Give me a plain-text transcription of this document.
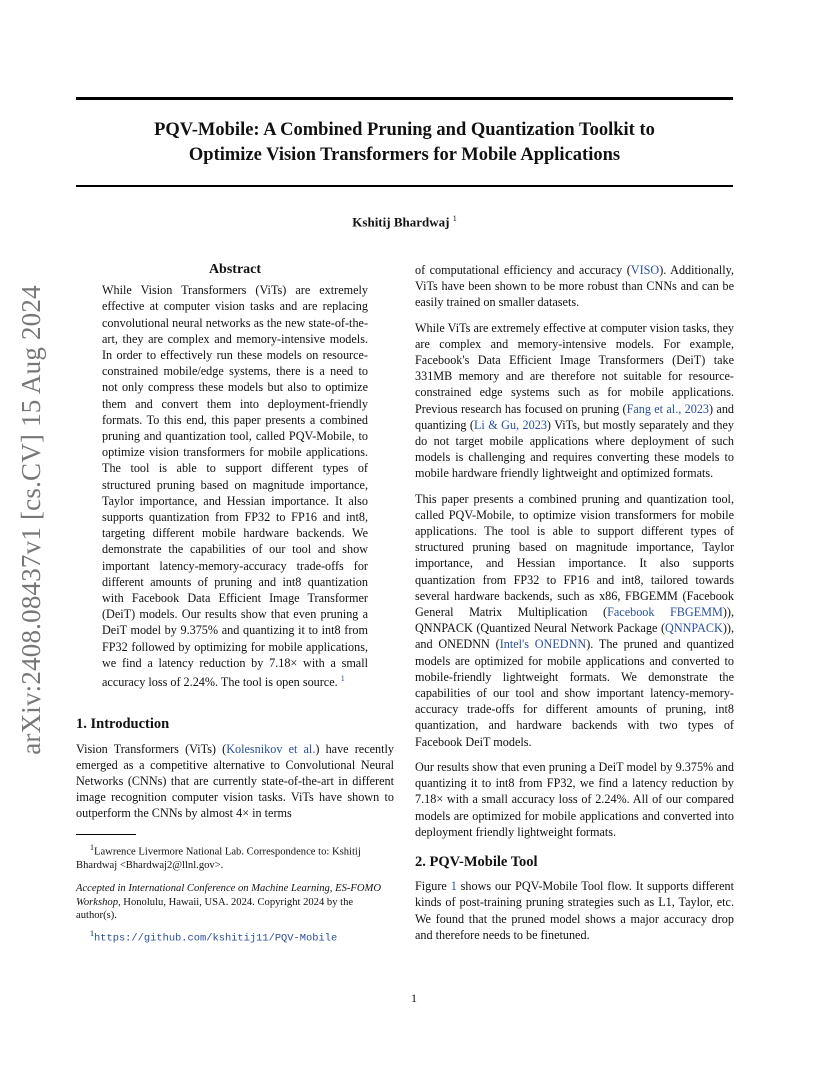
PQV-Mobile: A Combined Pruning and Quantization Toolkit to
Optimize Vision Transformers for Mobile Applications
Kshitij Bhardwaj $^1$
arXiv:2408.08437v1 [cs.CV] 15 Aug 2024
Abstract
While Vision Transformers (ViTs) are extremely effective at computer vision tasks and are replacing convolutional neural networks as the new state-of-the-art, they are complex and memory-intensive models. In order to effectively run these models on resource-constrained mobile/edge systems, there is a need to not only compress these models but also to optimize them and convert them into deployment-friendly formats. To this end, this paper presents a combined pruning and quantization tool, called PQV-Mobile, to optimize vision transformers for mobile applications. The tool is able to support different types of structured pruning based on magnitude importance, Taylor importance, and Hessian importance. It also supports quantization from FP32 to FP16 and int8, targeting different mobile hardware backends. We demonstrate the capabilities of our tool and show important latency-memory-accuracy trade-offs for different amounts of pruning and int8 quantization with Facebook Data Efficient Image Transformer (DeiT) models. Our results show that even pruning a DeiT model by 9.375% and quantizing it to int8 from FP32 followed by optimizing for mobile applications, we find a latency reduction by 7.18× with a small accuracy loss of 2.24%. The tool is open source. $^1$
1. Introduction

Vision Transformers (ViTs) (Kolesnikov et al.) have recently emerged as a competitive alternative to Convolutional Neural Networks (CNNs) that are currently state-of-the-art in different image recognition computer vision tasks. ViTs have shown to outperform the CNNs by almost 4× in terms

$^1$Lawrence Livermore National Lab. Correspondence to: Kshitij Bhardwaj <Bhardwaj2@llnl.gov>.
Accepted in International Conference on Machine Learning, ES-FOMO Workshop, Honolulu, Hawaii, USA. 2024. Copyright 2024 by the author(s).
$^1$https://github.com/kshitij11/PQV-Mobile

of computational efficiency and accuracy (VISO). Additionally, ViTs have been shown to be more robust than CNNs and can be easily trained on smaller datasets.

While ViTs are extremely effective at computer vision tasks, they are complex and memory-intensive models. For example, Facebook's Data Efficient Image Transformers (DeiT) take 331MB memory and are therefore not suitable for resource-constrained edge systems such as for mobile applications. Previous research has focused on pruning (Fang et al., 2023) and quantizing (Li & Gu, 2023) ViTs, but mostly separately and they do not target mobile applications where deployment of such models is challenging and requires converting these models to mobile hardware friendly lightweight and optimized formats.

This paper presents a combined pruning and quantization tool, called PQV-Mobile, to optimize vision transformers for mobile applications. The tool is able to support different types of structured pruning based on magnitude importance, Taylor importance, and Hessian importance. It also supports quantization from FP32 to FP16 and int8, tailored towards several hardware backends, such as x86, FBGEMM (Facebook General Matrix Multiplication (Facebook FBGEMM)), QNNPACK (Quantized Neural Network Package (QNNPACK)), and ONEDNN (Intel's ONEDNN). The pruned and quantized models are optimized for mobile applications and converted to mobile-friendly lightweight formats. We demonstrate the capabilities of our tool and show important latency-memory-accuracy trade-offs for different amounts of pruning, int8 quantization, and hardware backends with two types of Facebook DeiT models.

Our results show that even pruning a DeiT model by 9.375% and quantizing it to int8 from FP32, we find a latency reduction by 7.18× with a small accuracy loss of 2.24%. All of our compared models are optimized for mobile applications and converted into deployment friendly lightweight formats.

2. PQV-Mobile Tool

Figure 1 shows our PQV-Mobile Tool flow. It supports different kinds of post-training pruning strategies such as L1, Taylor, etc. We found that the pruned model shows a major accuracy drop and therefore needs to be finetuned.

1
